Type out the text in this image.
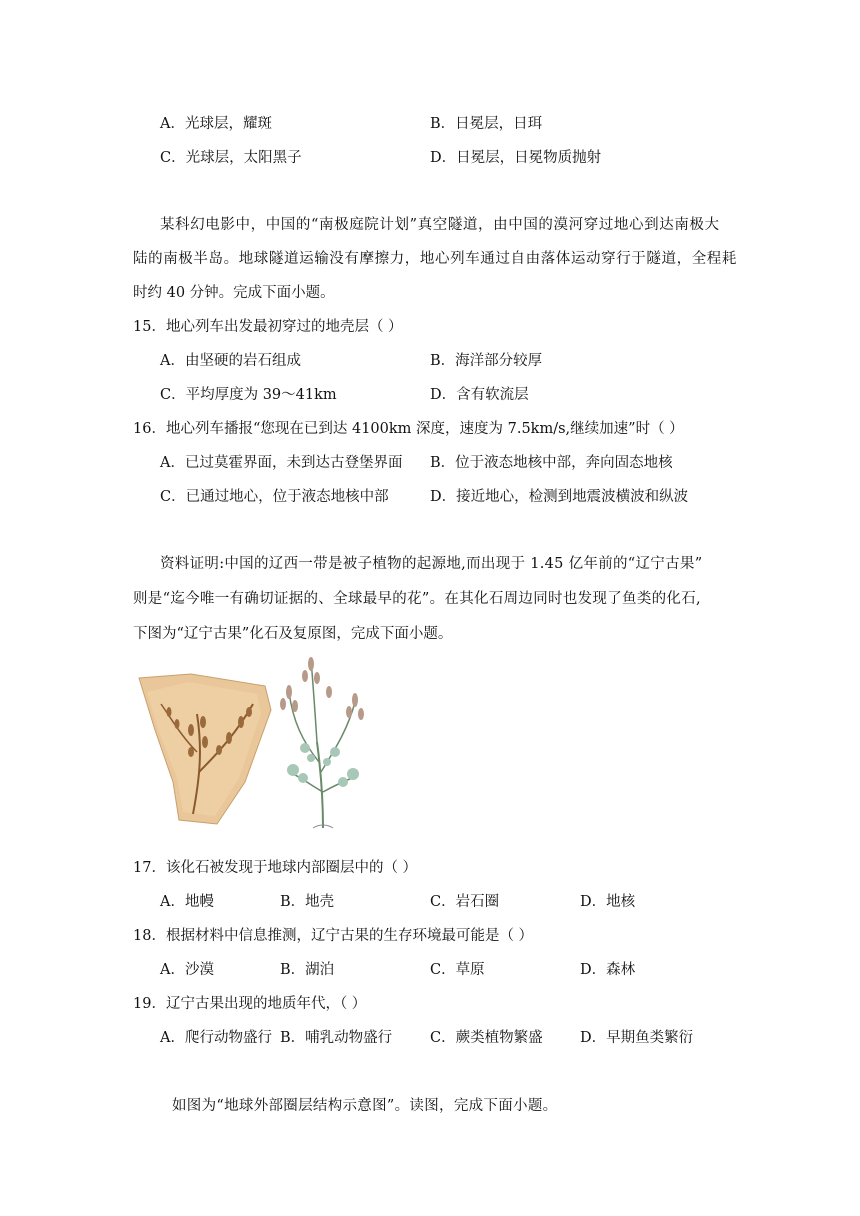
A．光球层，耀斑	B．日冕层，日珥
C．光球层，太阳黑子	D．日冕层，日冕物质抛射
某科幻电影中，中国的“南极庭院计划”真空隧道，由中国的漠河穿过地心到达南极大
陆的南极半岛。地球隧道运输没有摩擦力，地心列车通过自由落体运动穿行于隧道，全程耗
时约 40 分钟。完成下面小题。
15．地心列车出发最初穿过的地壳层（ ）
A．由坚硬的岩石组成	B．海洋部分较厚
C．平均厚度为 39～41km	D．含有软流层
16．地心列车播报“您现在已到达 4100km 深度，速度为 7.5km/s,继续加速”时（ ）
A．已过莫霍界面，未到达古登堡界面 B．位于液态地核中部，奔向固态地核
C．已通过地心，位于液态地核中部	D．接近地心，检测到地震波横波和纵波
资料证明:中国的辽西一带是被子植物的起源地,而出现于 1.45 亿年前的“辽宁古果”
则是“迄今唯一有确切证据的、全球最早的花”。在其化石周边同时也发现了鱼类的化石,
下图为“辽宁古果”化石及复原图，完成下面小题。
17．该化石被发现于地球内部圈层中的（ ）
A．地幔	B．地壳	C．岩石圈	D．地核
18．根据材料中信息推测，辽宁古果的生存环境最可能是（ ）
A．沙漠	B．湖泊	C．草原	D．森林
19．辽宁古果出现的地质年代，（ ）
A．爬行动物盛行 B．哺乳动物盛行	C．蕨类植物繁盛	D．早期鱼类繁衍
如图为“地球外部圈层结构示意图”。读图，完成下面小题。
